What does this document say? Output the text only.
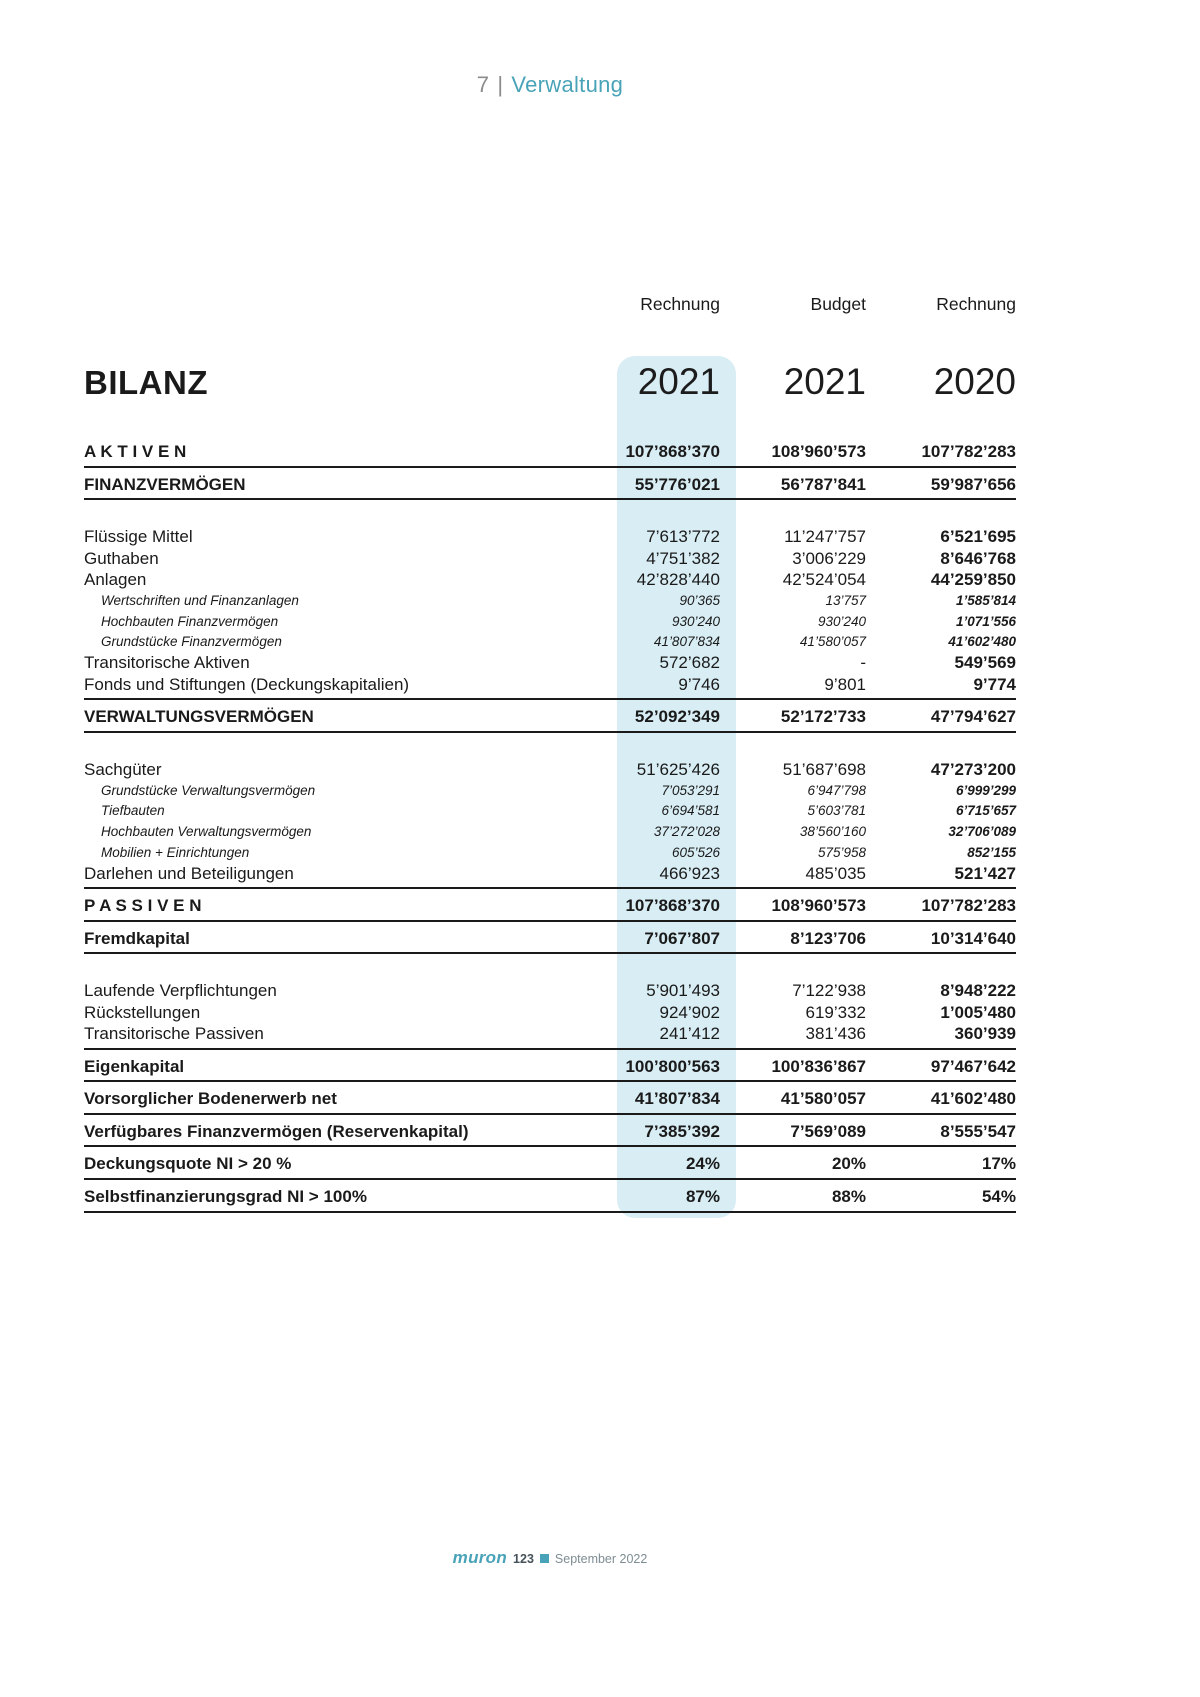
7 | Verwaltung
Rechnung	Budget	Rechnung
BILANZ	2021	2021	2020
A K T I V E N	107’868’370	108’960’573	107’782’283
FINANZVERMÖGEN	55’776’021	56’787’841	59’987’656
Flüssige Mittel	7’613’772	11’247’757	6’521’695
Guthaben	4’751’382	3’006’229	8’646’768
Anlagen	42’828’440	42’524’054	44’259’850
Wertschriften und Finanzanlagen	90’365	13’757	1’585’814
Hochbauten Finanzvermögen	930’240	930’240	1’071’556
Grundstücke Finanzvermögen	41’807’834	41’580’057	41’602’480
Transitorische Aktiven	572’682	-	549’569
Fonds und Stiftungen (Deckungskapitalien)	9’746	9’801	9’774
VERWALTUNGSVERMÖGEN	52’092’349	52’172’733	47’794’627
Sachgüter	51’625’426	51’687’698	47’273’200
Grundstücke Verwaltungsvermögen	7’053’291	6’947’798	6’999’299
Tiefbauten	6’694’581	5’603’781	6’715’657
Hochbauten Verwaltungsvermögen	37’272’028	38’560’160	32’706’089
Mobilien + Einrichtungen	605’526	575’958	852’155
Darlehen und Beteiligungen	466’923	485’035	521’427
P A S S I V E N	107’868’370	108’960’573	107’782’283
Fremdkapital	7’067’807	8’123’706	10’314’640
Laufende Verpflichtungen	5’901’493	7’122’938	8’948’222
Rückstellungen	924’902	619’332	1’005’480
Transitorische Passiven	241’412	381’436	360’939
Eigenkapital	100’800’563	100’836’867	97’467’642
Vorsorglicher Bodenerwerb net	41’807’834	41’580’057	41’602’480
Verfügbares Finanzvermögen (Reservenkapital)	7’385’392	7’569’089	8’555’547
Deckungsquote NI > 20 %	24%	20%	17%
Selbstfinanzierungsgrad NI > 100%	87%	88%	54%
muron 123 September 2022
